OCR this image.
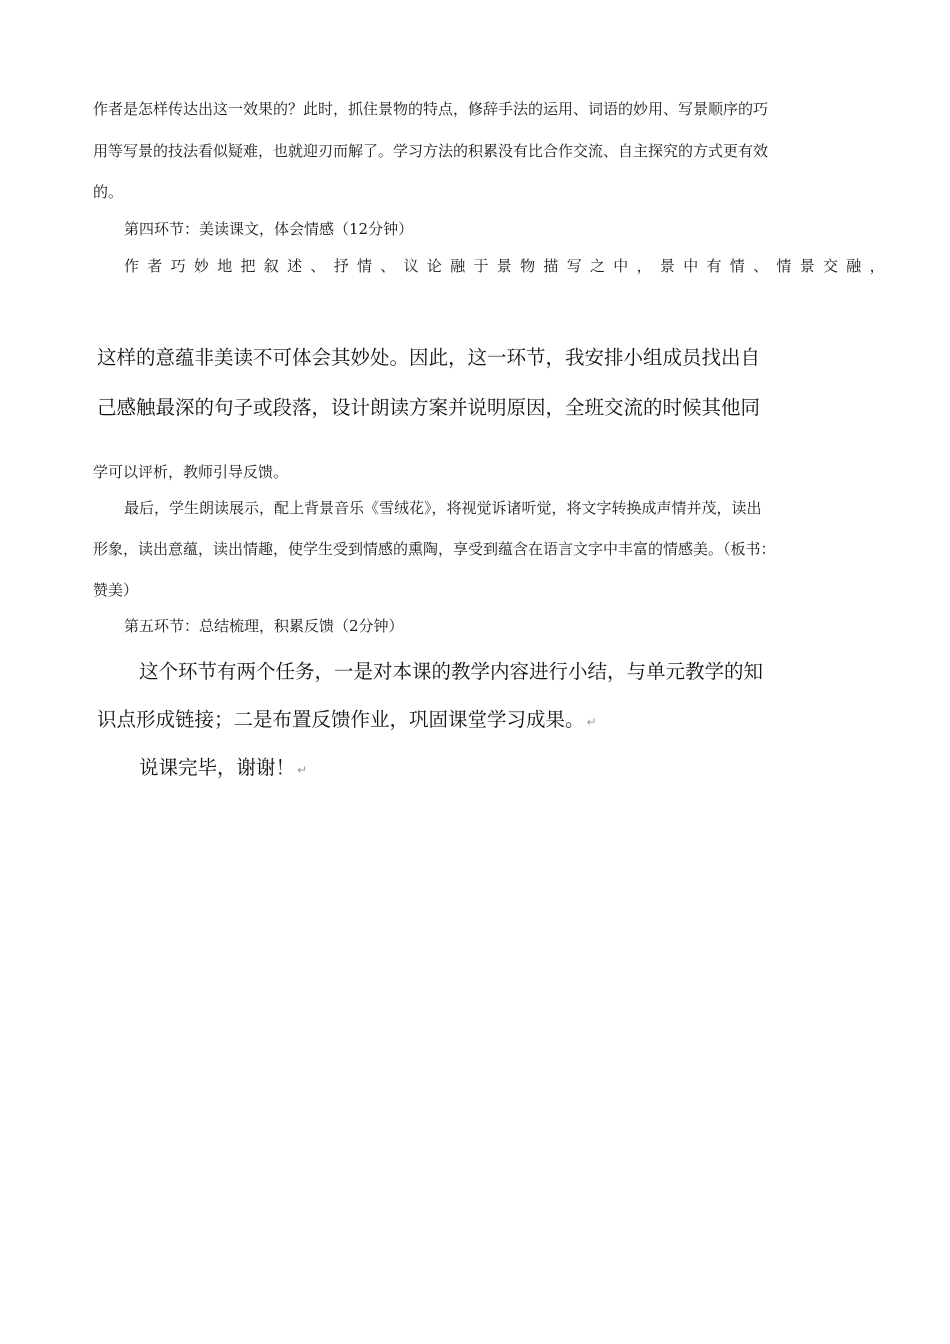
作者是怎样传达出这一效果的？此时，抓住景物的特点，修辞手法的运用、词语的妙用、写景顺序的巧
用等写景的技法看似疑难，也就迎刃而解了。学习方法的积累没有比合作交流、自主探究的方式更有效
的。
第四环节：美读课文，体会情感（12分钟）
作者巧妙地把叙述、抒情、议论融于景物描写之中，景中有情、情景交融，
这样的意蕴非美读不可体会其妙处。因此，这一环节，我安排小组成员找出自
己感触最深的句子或段落，设计朗读方案并说明原因，全班交流的时候其他同
学可以评析，教师引导反馈。
最后，学生朗读展示，配上背景音乐《雪绒花》，将视觉诉诸听觉，将文字转换成声情并茂，读出
形象，读出意蕴，读出情趣，使学生受到情感的熏陶，享受到蕴含在语言文字中丰富的情感美。（板书：
赞美）
第五环节：总结梳理，积累反馈（2分钟）
这个环节有两个任务，一是对本课的教学内容进行小结，与单元教学的知
识点形成链接；二是布置反馈作业，巩固课堂学习成果。 ↵
说课完毕，谢谢！ ↵
